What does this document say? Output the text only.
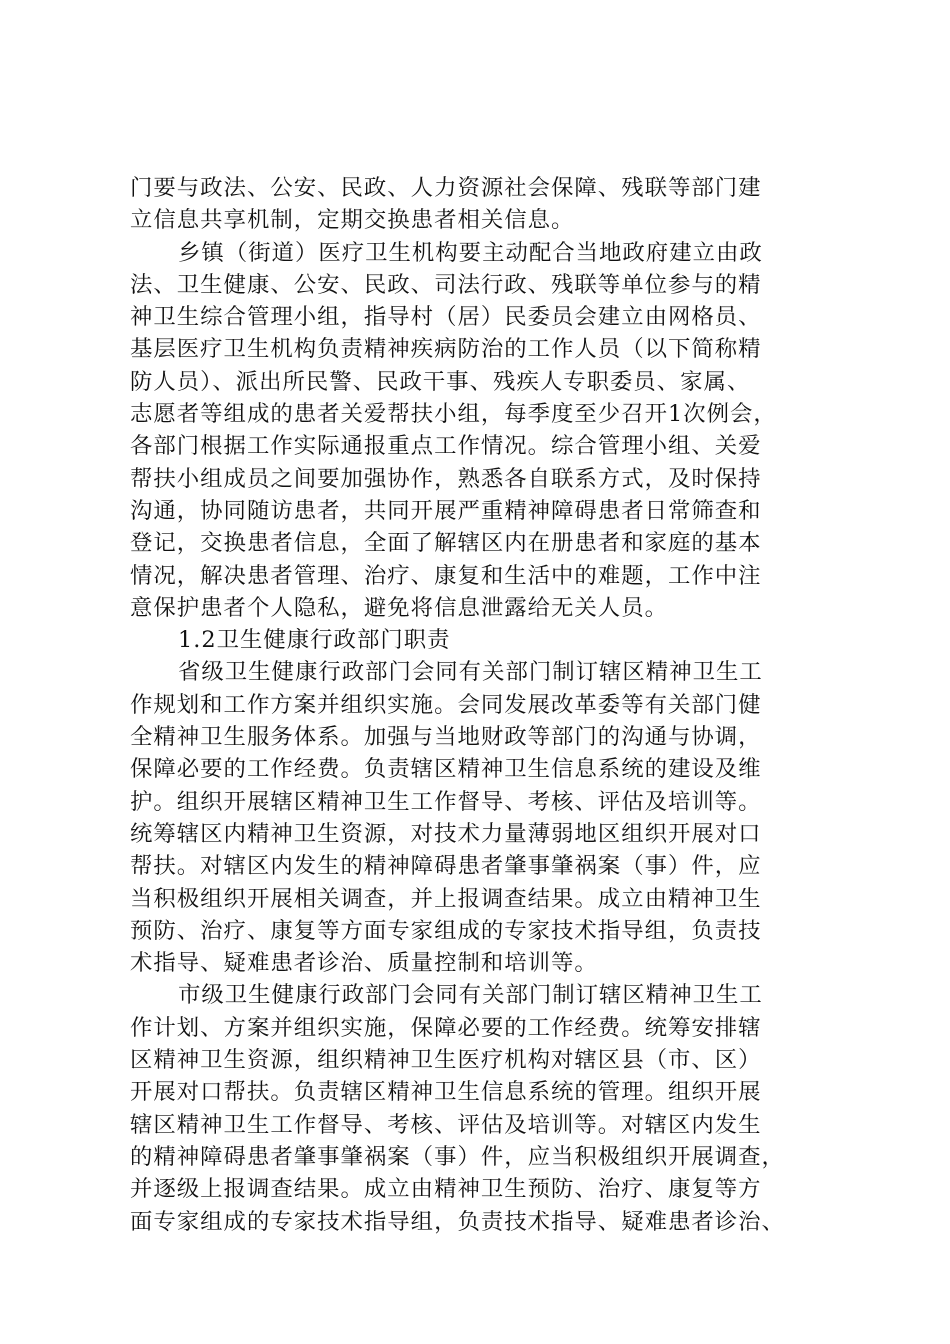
门要与政法、公安、民政、人力资源社会保障、残联等部门建
立信息共享机制，定期交换患者相关信息。
乡镇（街道）医疗卫生机构要主动配合当地政府建立由政
法、卫生健康、公安、民政、司法行政、残联等单位参与的精
神卫生综合管理小组，指导村（居）民委员会建立由网格员、
基层医疗卫生机构负责精神疾病防治的工作人员（以下简称精
防人员）、派出所民警、民政干事、残疾人专职委员、家属、
志愿者等组成的患者关爱帮扶小组，每季度至少召开1次例会，
各部门根据工作实际通报重点工作情况。综合管理小组、关爱
帮扶小组成员之间要加强协作，熟悉各自联系方式，及时保持
沟通，协同随访患者，共同开展严重精神障碍患者日常筛查和
登记，交换患者信息，全面了解辖区内在册患者和家庭的基本
情况，解决患者管理、治疗、康复和生活中的难题，工作中注
意保护患者个人隐私，避免将信息泄露给无关人员。
1.2卫生健康行政部门职责
省级卫生健康行政部门会同有关部门制订辖区精神卫生工
作规划和工作方案并组织实施。会同发展改革委等有关部门健
全精神卫生服务体系。加强与当地财政等部门的沟通与协调，
保障必要的工作经费。负责辖区精神卫生信息系统的建设及维
护。组织开展辖区精神卫生工作督导、考核、评估及培训等。
统筹辖区内精神卫生资源，对技术力量薄弱地区组织开展对口
帮扶。对辖区内发生的精神障碍患者肇事肇祸案（事）件，应
当积极组织开展相关调查，并上报调查结果。成立由精神卫生
预防、治疗、康复等方面专家组成的专家技术指导组，负责技
术指导、疑难患者诊治、质量控制和培训等。
市级卫生健康行政部门会同有关部门制订辖区精神卫生工
作计划、方案并组织实施，保障必要的工作经费。统筹安排辖
区精神卫生资源，组织精神卫生医疗机构对辖区县（市、区）
开展对口帮扶。负责辖区精神卫生信息系统的管理。组织开展
辖区精神卫生工作督导、考核、评估及培训等。对辖区内发生
的精神障碍患者肇事肇祸案（事）件，应当积极组织开展调查，
并逐级上报调查结果。成立由精神卫生预防、治疗、康复等方
面专家组成的专家技术指导组，负责技术指导、疑难患者诊治、
